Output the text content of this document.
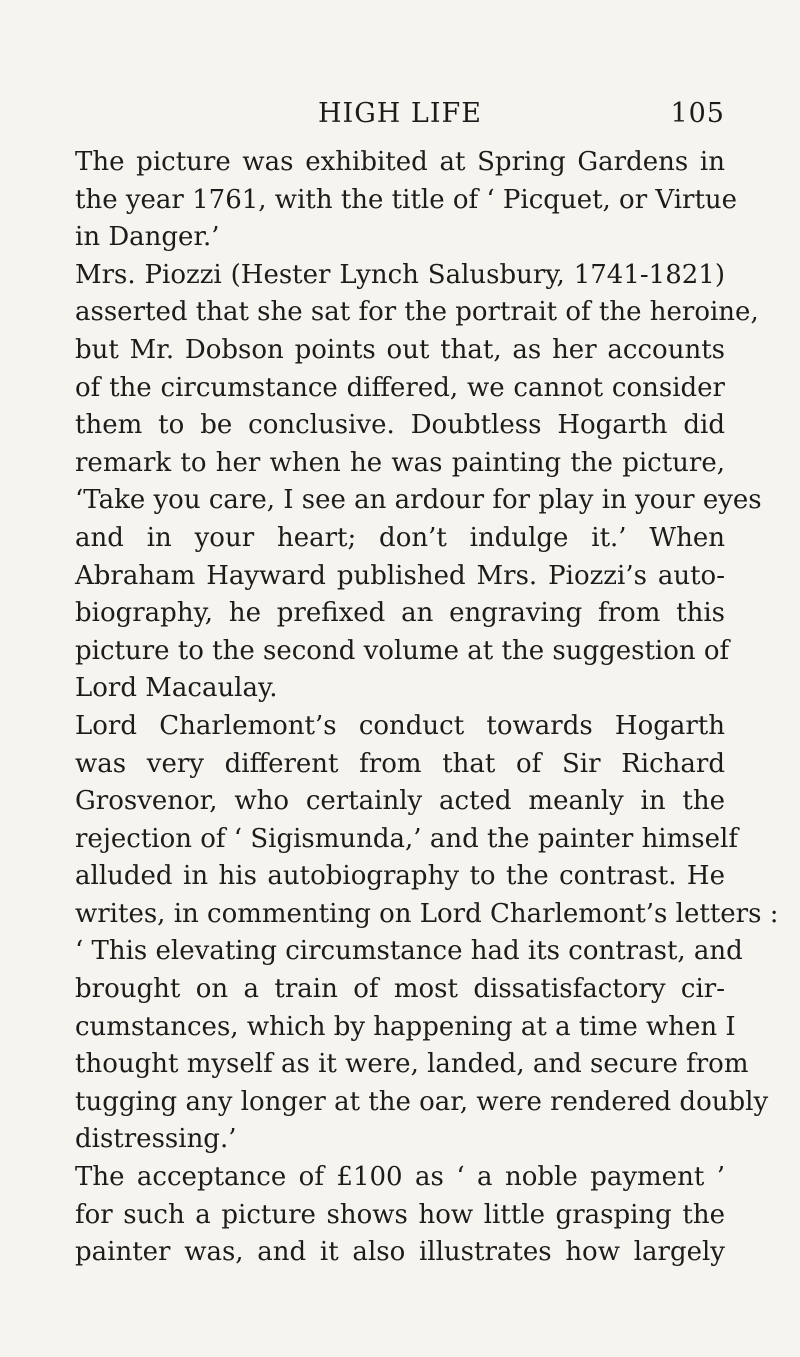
HIGH LIFE	105
The picture was exhibited at Spring Gardens in
the year 1761, with the title of ‘ Picquet, or Virtue
in Danger.’
Mrs. Piozzi (Hester Lynch Salusbury, 1741-1821)
asserted that she sat for the portrait of the heroine,
but Mr. Dobson points out that, as her accounts
of the circumstance differed, we cannot consider
them to be conclusive. Doubtless Hogarth did
remark to her when he was painting the picture,
‘Take you care, I see an ardour for play in your eyes
and in your heart; don’t indulge it.’ When
Abraham Hayward published Mrs. Piozzi’s auto-
biography, he prefixed an engraving from this
picture to the second volume at the suggestion of
Lord Macaulay.
Lord Charlemont’s conduct towards Hogarth
was very different from that of Sir Richard
Grosvenor, who certainly acted meanly in the
rejection of ‘ Sigismunda,’ and the painter himself
alluded in his autobiography to the contrast. He
writes, in commenting on Lord Charlemont’s letters :
‘ This elevating circumstance had its contrast, and
brought on a train of most dissatisfactory cir-
cumstances, which by happening at a time when I
thought myself as it were, landed, and secure from
tugging any longer at the oar, were rendered doubly
distressing.’
The acceptance of £100 as ‘ a noble payment ’
for such a picture shows how little grasping the
painter was, and it also illustrates how largely
